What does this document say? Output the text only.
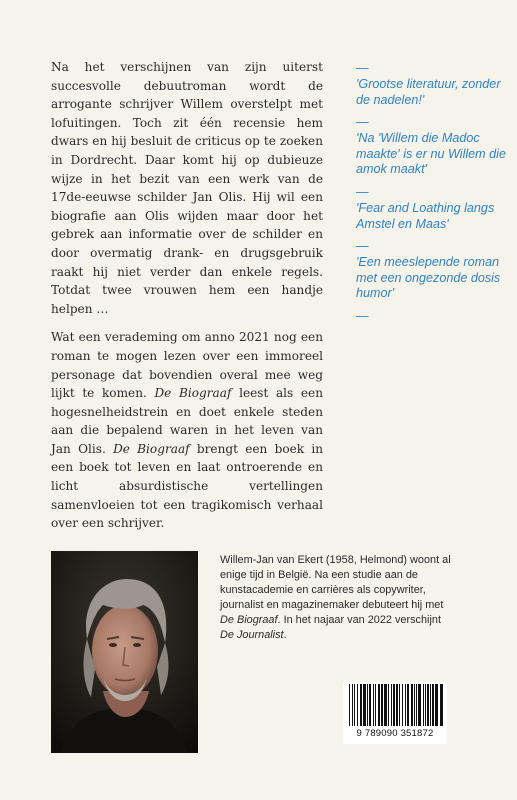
Na het verschijnen van zijn uiterst succesvolle debuutroman wordt de arrogante schrijver Willem overstelpt met lofuitingen. Toch zit één recensie hem dwars en hij besluit de criticus op te zoeken in Dordrecht. Daar komt hij op dubieuze wijze in het bezit van een werk van de 17de-eeuwse schilder Jan Olis. Hij wil een biografie aan Olis wijden maar door het gebrek aan informatie over de schilder en door overmatig drank- en drugsgebruik raakt hij niet verder dan enkele regels. Totdat twee vrouwen hem een handje helpen …

Wat een verademing om anno 2021 nog een roman te mogen lezen over een immoreel personage dat bovendien overal mee weg lijkt te komen. De Biograaf leest als een hogesnelheidstrein en doet enkele steden aan die bepalend waren in het leven van Jan Olis. De Biograaf brengt een boek in een boek tot leven en laat ontroerende en licht absurdistische vertellingen samenvloeien tot een tragikomisch verhaal over een schrijver.

—
'Grootse literatuur, zonder de nadelen!'
—
'Na 'Willem die Madoc maakte' is er nu Willem die amok maakt'
—
'Fear and Loathing langs Amstel en Maas'
—
'Een meeslepende roman met een ongezonde dosis humor'
—
Willem-Jan van Ekert (1958, Helmond) woont al enige tijd in België. Na een studie aan de kunstacademie en carrières als copywriter, journalist en magazinemaker debuteert hij met De Biograaf. In het najaar van 2022 verschijnt De Journalist.
9 789090 351872
